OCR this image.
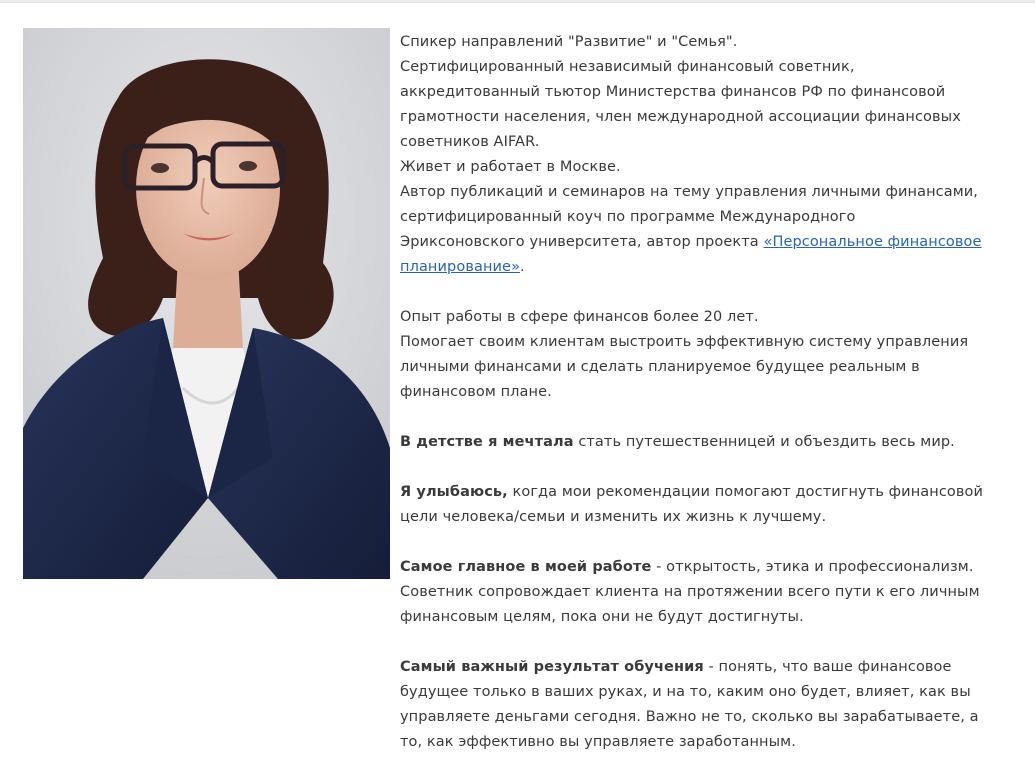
Спикер направлений "Развитие" и "Семья".
Сертифицированный независимый финансовый советник,
аккредитованный тьютор Министерства финансов РФ по финансовой
грамотности населения, член международной ассоциации финансовых
советников AIFAR.
Живет и работает в Москве.
Автор публикаций и семинаров на тему управления личными финансами,
сертифицированный коуч по программе Международного
Эриксоновского университета, автор проекта «Персональное финансовое
планирование».
Опыт работы в сфере финансов более 20 лет.
Помогает своим клиентам выстроить эффективную систему управления
личными финансами и сделать планируемое будущее реальным в
финансовом плане.
В детстве я мечтала стать путешественницей и объездить весь мир.
Я улыбаюсь, когда мои рекомендации помогают достигнуть финансовой
цели человека/семьи и изменить их жизнь к лучшему.
Самое главное в моей работе - открытость, этика и профессионализм.
Советник сопровождает клиента на протяжении всего пути к его личным
финансовым целям, пока они не будут достигнуты.
Самый важный результат обучения - понять, что ваше финансовое
будущее только в ваших руках, и на то, каким оно будет, влияет, как вы
управляете деньгами сегодня. Важно не то, сколько вы зарабатываете, а
то, как эффективно вы управляете заработанным.
